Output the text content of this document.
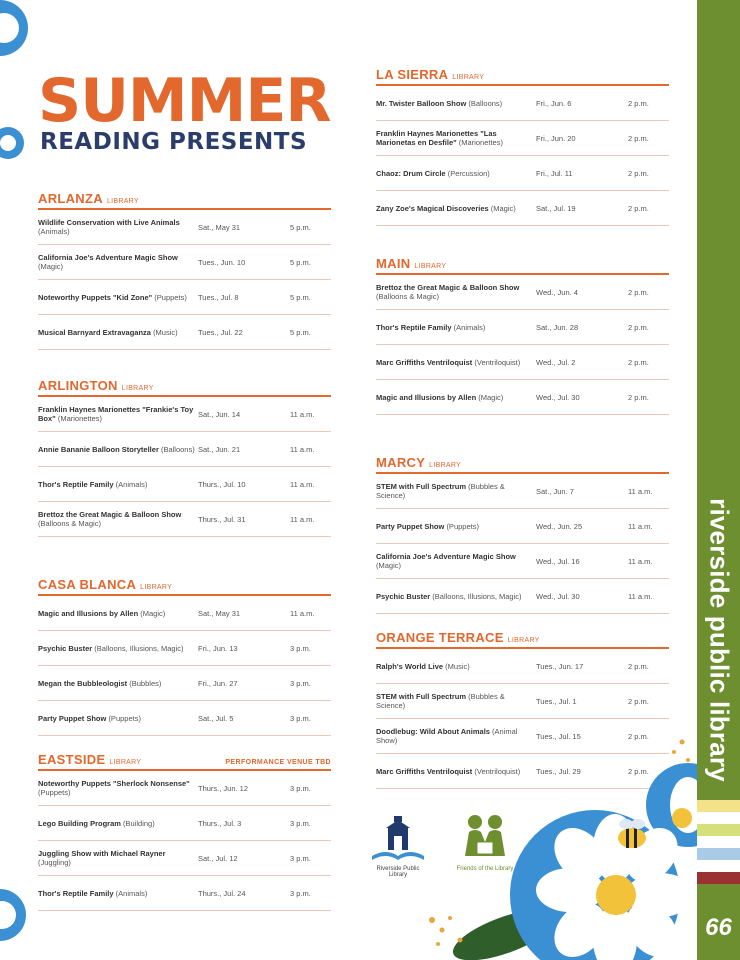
SUMMER
READING PRESENTS
ARLANZA LIBRARY
Wildlife Conservation with Live Animals (Animals)	Sat., May 31	5 p.m.
California Joe's Adventure Magic Show (Magic)	Tues., Jun. 10	5 p.m.
Noteworthy Puppets "Kid Zone" (Puppets)	Tues., Jul. 8	5 p.m.
Musical Barnyard Extravaganza (Music)	Tues., Jul. 22	5 p.m.
ARLINGTON LIBRARY
Franklin Haynes Marionettes "Frankie's Toy Box" (Marionettes)	Sat., Jun. 14	11 a.m.
Annie Bananie Balloon Storyteller (Balloons) Sat., Jun. 21	11 a.m.
Thor's Reptile Family (Animals)	Thurs., Jul. 10	11 a.m.
Brettoz the Great Magic & Balloon Show (Balloons & Magic)	Thurs., Jul. 31	11 a.m.
CASA BLANCA LIBRARY
Magic and Illusions by Allen (Magic)	Sat., May 31	11 a.m.
Psychic Buster (Balloons, Illusions, Magic)	Fri., Jun. 13	3 p.m.
Megan the Bubbleologist (Bubbles)	Fri., Jun. 27	3 p.m.
Party Puppet Show (Puppets)	Sat., Jul. 5	3 p.m.
EASTSIDE LIBRARY	PERFORMANCE VENUE TBD
Noteworthy Puppets "Sherlock Nonsense" (Puppets)	Thurs., Jun. 12	3 p.m.
Lego Building Program (Building)	Thurs., Jul. 3	3 p.m.
Juggling Show with Michael Rayner (Juggling)	Sat., Jul. 12	3 p.m.
Thor's Reptile Family (Animals)	Thurs., Jul. 24	3 p.m.
LA SIERRA LIBRARY
Mr. Twister Balloon Show (Balloons)	Fri., Jun. 6	2 p.m.
Franklin Haynes Marionettes "Las Marionetas en Desfile" (Marionettes)	Fri., Jun. 20	2 p.m.
Chaoz: Drum Circle (Percussion)	Fri., Jul. 11	2 p.m.
Zany Zoe's Magical Discoveries (Magic)	Sat., Jul. 19	2 p.m.
MAIN LIBRARY
Brettoz the Great Magic & Balloon Show (Balloons & Magic)	Wed., Jun. 4	2 p.m.
Thor's Reptile Family (Animals)	Sat., Jun. 28	2 p.m.
Marc Griffiths Ventriloquist (Ventriloquist)	Wed., Jul. 2	2 p.m.
Magic and Illusions by Allen (Magic)	Wed., Jul. 30	2 p.m.
MARCY LIBRARY
STEM with Full Spectrum (Bubbles & Science)	Sat., Jun. 7	11 a.m.
Party Puppet Show (Puppets)	Wed., Jun. 25	11 a.m.
California Joe's Adventure Magic Show (Magic)	Wed., Jul. 16	11 a.m.
Psychic Buster (Balloons, Illusions, Magic)	Wed., Jul. 30	11 a.m.
ORANGE TERRACE LIBRARY
Ralph's World Live (Music)	Tues., Jun. 17	2 p.m.
STEM with Full Spectrum (Bubbles & Science)	Tues., Jul. 1	2 p.m.
Doodlebug: Wild About Animals (Animal Show)	Tues., Jul. 15	2 p.m.
Marc Griffiths Ventriloquist (Ventriloquist)	Tues., Jul. 29	2 p.m.
Riverside Public Library
Friends of the Library
riverside public library
66
